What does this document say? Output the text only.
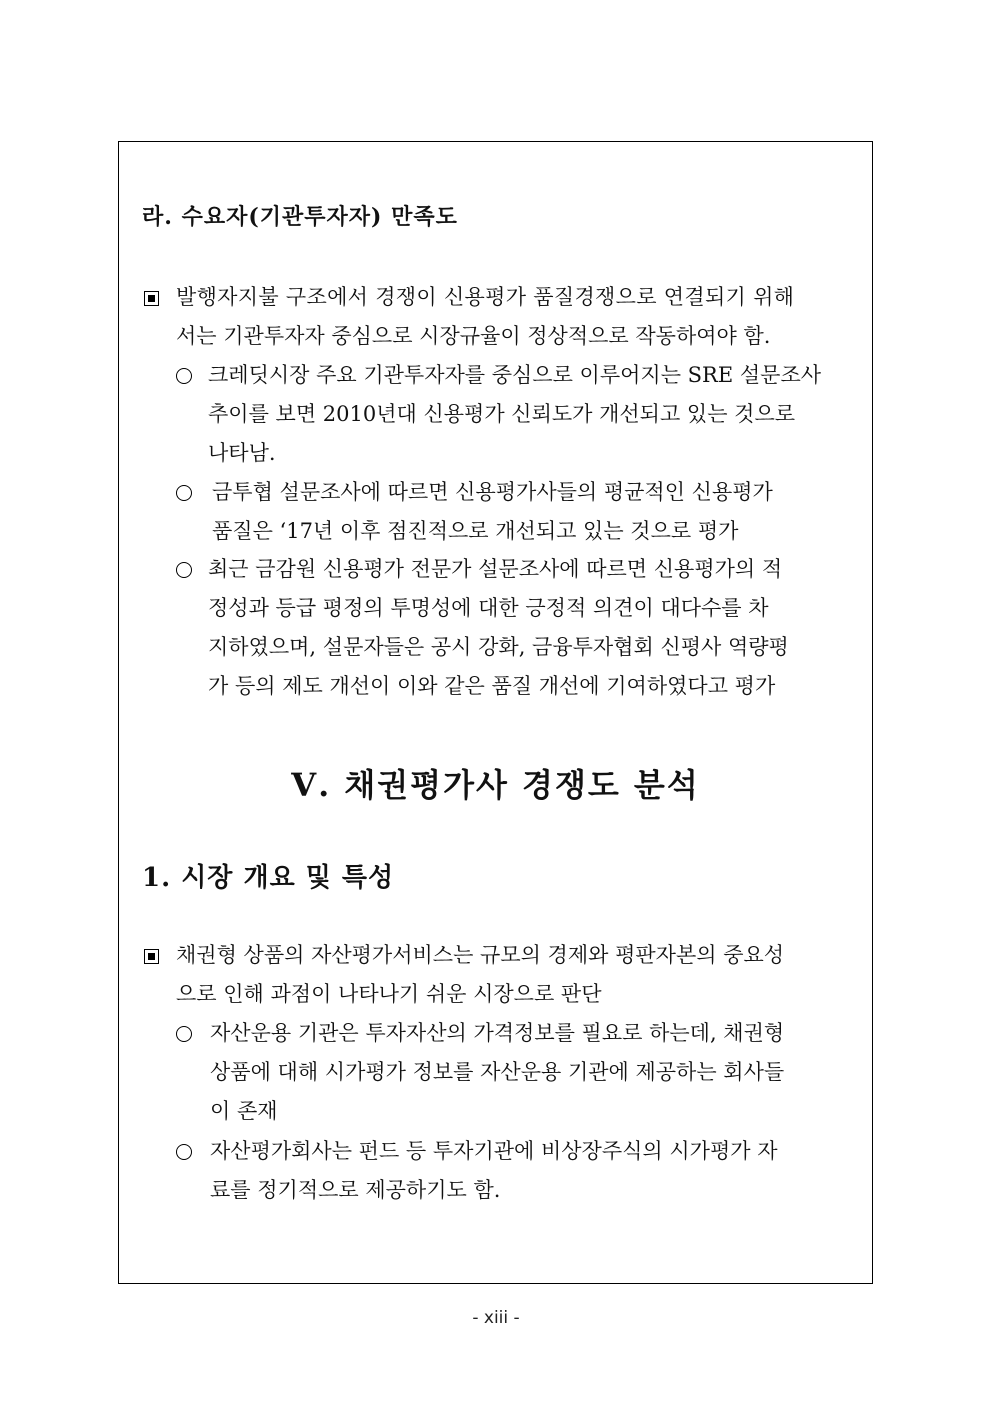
라. 수요자(기관투자자) 만족도
발행자지불 구조에서 경쟁이 신용평가 품질경쟁으로 연결되기 위해
서는 기관투자자 중심으로 시장규율이 정상적으로 작동하여야 함.
크레딧시장 주요 기관투자자를 중심으로 이루어지는 SRE 설문조사
추이를 보면 2010년대 신용평가 신뢰도가 개선되고 있는 것으로
나타남.
금투협 설문조사에 따르면 신용평가사들의 평균적인 신용평가
품질은 ‘17년 이후 점진적으로 개선되고 있는 것으로 평가
최근 금감원 신용평가 전문가 설문조사에 따르면 신용평가의 적
정성과 등급 평정의 투명성에 대한 긍정적 의견이 대다수를 차
지하였으며, 설문자들은 공시 강화, 금융투자협회 신평사 역량평
가 등의 제도 개선이 이와 같은 품질 개선에 기여하였다고 평가
Ⅴ. 채권평가사 경쟁도 분석
1. 시장 개요 및 특성
채권형 상품의 자산평가서비스는 규모의 경제와 평판자본의 중요성
으로 인해 과점이 나타나기 쉬운 시장으로 판단
자산운용 기관은 투자자산의 가격정보를 필요로 하는데, 채권형
상품에 대해 시가평가 정보를 자산운용 기관에 제공하는 회사들
이 존재
자산평가회사는 펀드 등 투자기관에 비상장주식의 시가평가 자
료를 정기적으로 제공하기도 함.
- xiii -
